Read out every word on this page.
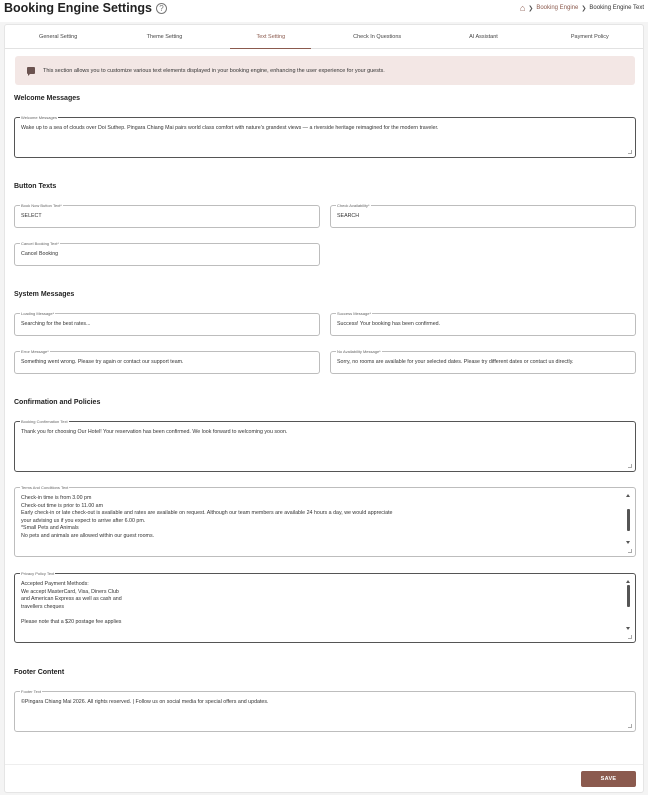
Booking Engine Settings ?	⌂ ❯ Booking Engine ❯ Booking Engine Text
General Setting	Theme Setting	Text Setting	Check In Questions	AI Assistant	Payment Policy
This section allows you to customize various text elements displayed in your booking engine, enhancing the user experience for your guests.
Welcome Messages
Welcome Messages
Wake up to a sea of clouds over Doi Suthep. Pingara Chiang Mai pairs world class comfort with nature's grandest views — a riverside heritage reimagined for the modern traveler.
Button Texts
Book Now Button Text*
SELECT
Check Availability*
SEARCH
Cancel Booking Text*
Cancel Booking
System Messages
Loading Message*
Searching for the best rates...
Success Message*
Success! Your booking has been confirmed.
Error Message*
Something went wrong. Please try again or contact our support team.
No Availability Message*
Sorry, no rooms are available for your selected dates. Please try different dates or contact us directly.
Confirmation and Policies
Booking Confirmation Text
Thank you for choosing Our Hotel! Your reservation has been confirmed. We look forward to welcoming you soon.
Terms And Conditions Text
Check-in time is from 3.00 pm
Check-out time is prior to 11.00 am
Early check-in or late check-out is available and rates are available on request. Although our team members are available 24 hours a day, we would appreciate
your advising us if you expect to arrive after 6.00 pm.
*Small Pets and Animals
No pets and animals are allowed within our guest rooms.
Privacy Policy Text
Accepted Payment Methods:
We accept MasterCard, Visa, Diners Club
and American Express as well as cash and
travellers cheques

Please note that a $20 postage fee applies
Footer Content
Footer Text
©Pingara Chiang Mai 2026. All rights reserved. | Follow us on social media for special offers and updates.
SAVE
